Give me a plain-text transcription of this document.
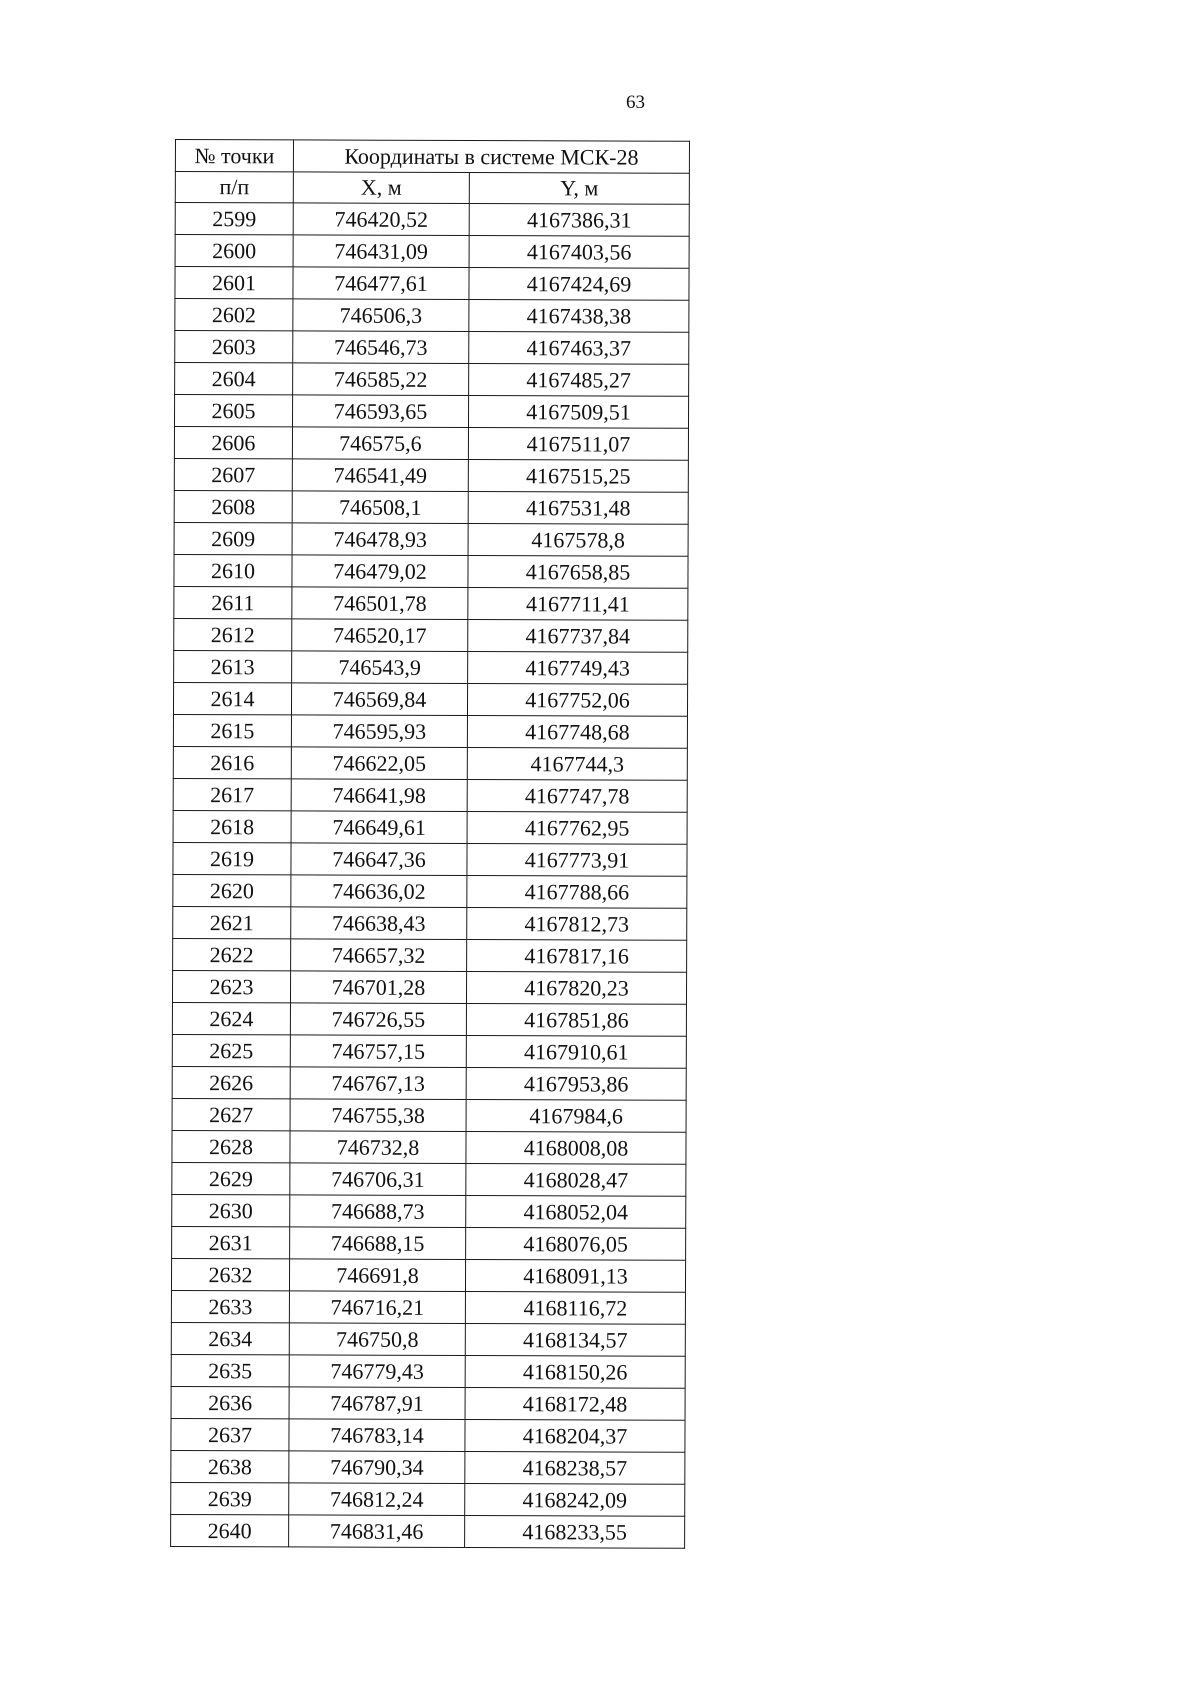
63
№ точки	Координаты в системе МСК-28	
п/п	X, м	Y, м
2599	746420,52	4167386,31
2600	746431,09	4167403,56
2601	746477,61	4167424,69
2602	746506,3	4167438,38
2603	746546,73	4167463,37
2604	746585,22	4167485,27
2605	746593,65	4167509,51
2606	746575,6	4167511,07
2607	746541,49	4167515,25
2608	746508,1	4167531,48
2609	746478,93	4167578,8
2610	746479,02	4167658,85
2611	746501,78	4167711,41
2612	746520,17	4167737,84
2613	746543,9	4167749,43
2614	746569,84	4167752,06
2615	746595,93	4167748,68
2616	746622,05	4167744,3
2617	746641,98	4167747,78
2618	746649,61	4167762,95
2619	746647,36	4167773,91
2620	746636,02	4167788,66
2621	746638,43	4167812,73
2622	746657,32	4167817,16
2623	746701,28	4167820,23
2624	746726,55	4167851,86
2625	746757,15	4167910,61
2626	746767,13	4167953,86
2627	746755,38	4167984,6
2628	746732,8	4168008,08
2629	746706,31	4168028,47
2630	746688,73	4168052,04
2631	746688,15	4168076,05
2632	746691,8	4168091,13
2633	746716,21	4168116,72
2634	746750,8	4168134,57
2635	746779,43	4168150,26
2636	746787,91	4168172,48
2637	746783,14	4168204,37
2638	746790,34	4168238,57
2639	746812,24	4168242,09
2640	746831,46	4168233,55
